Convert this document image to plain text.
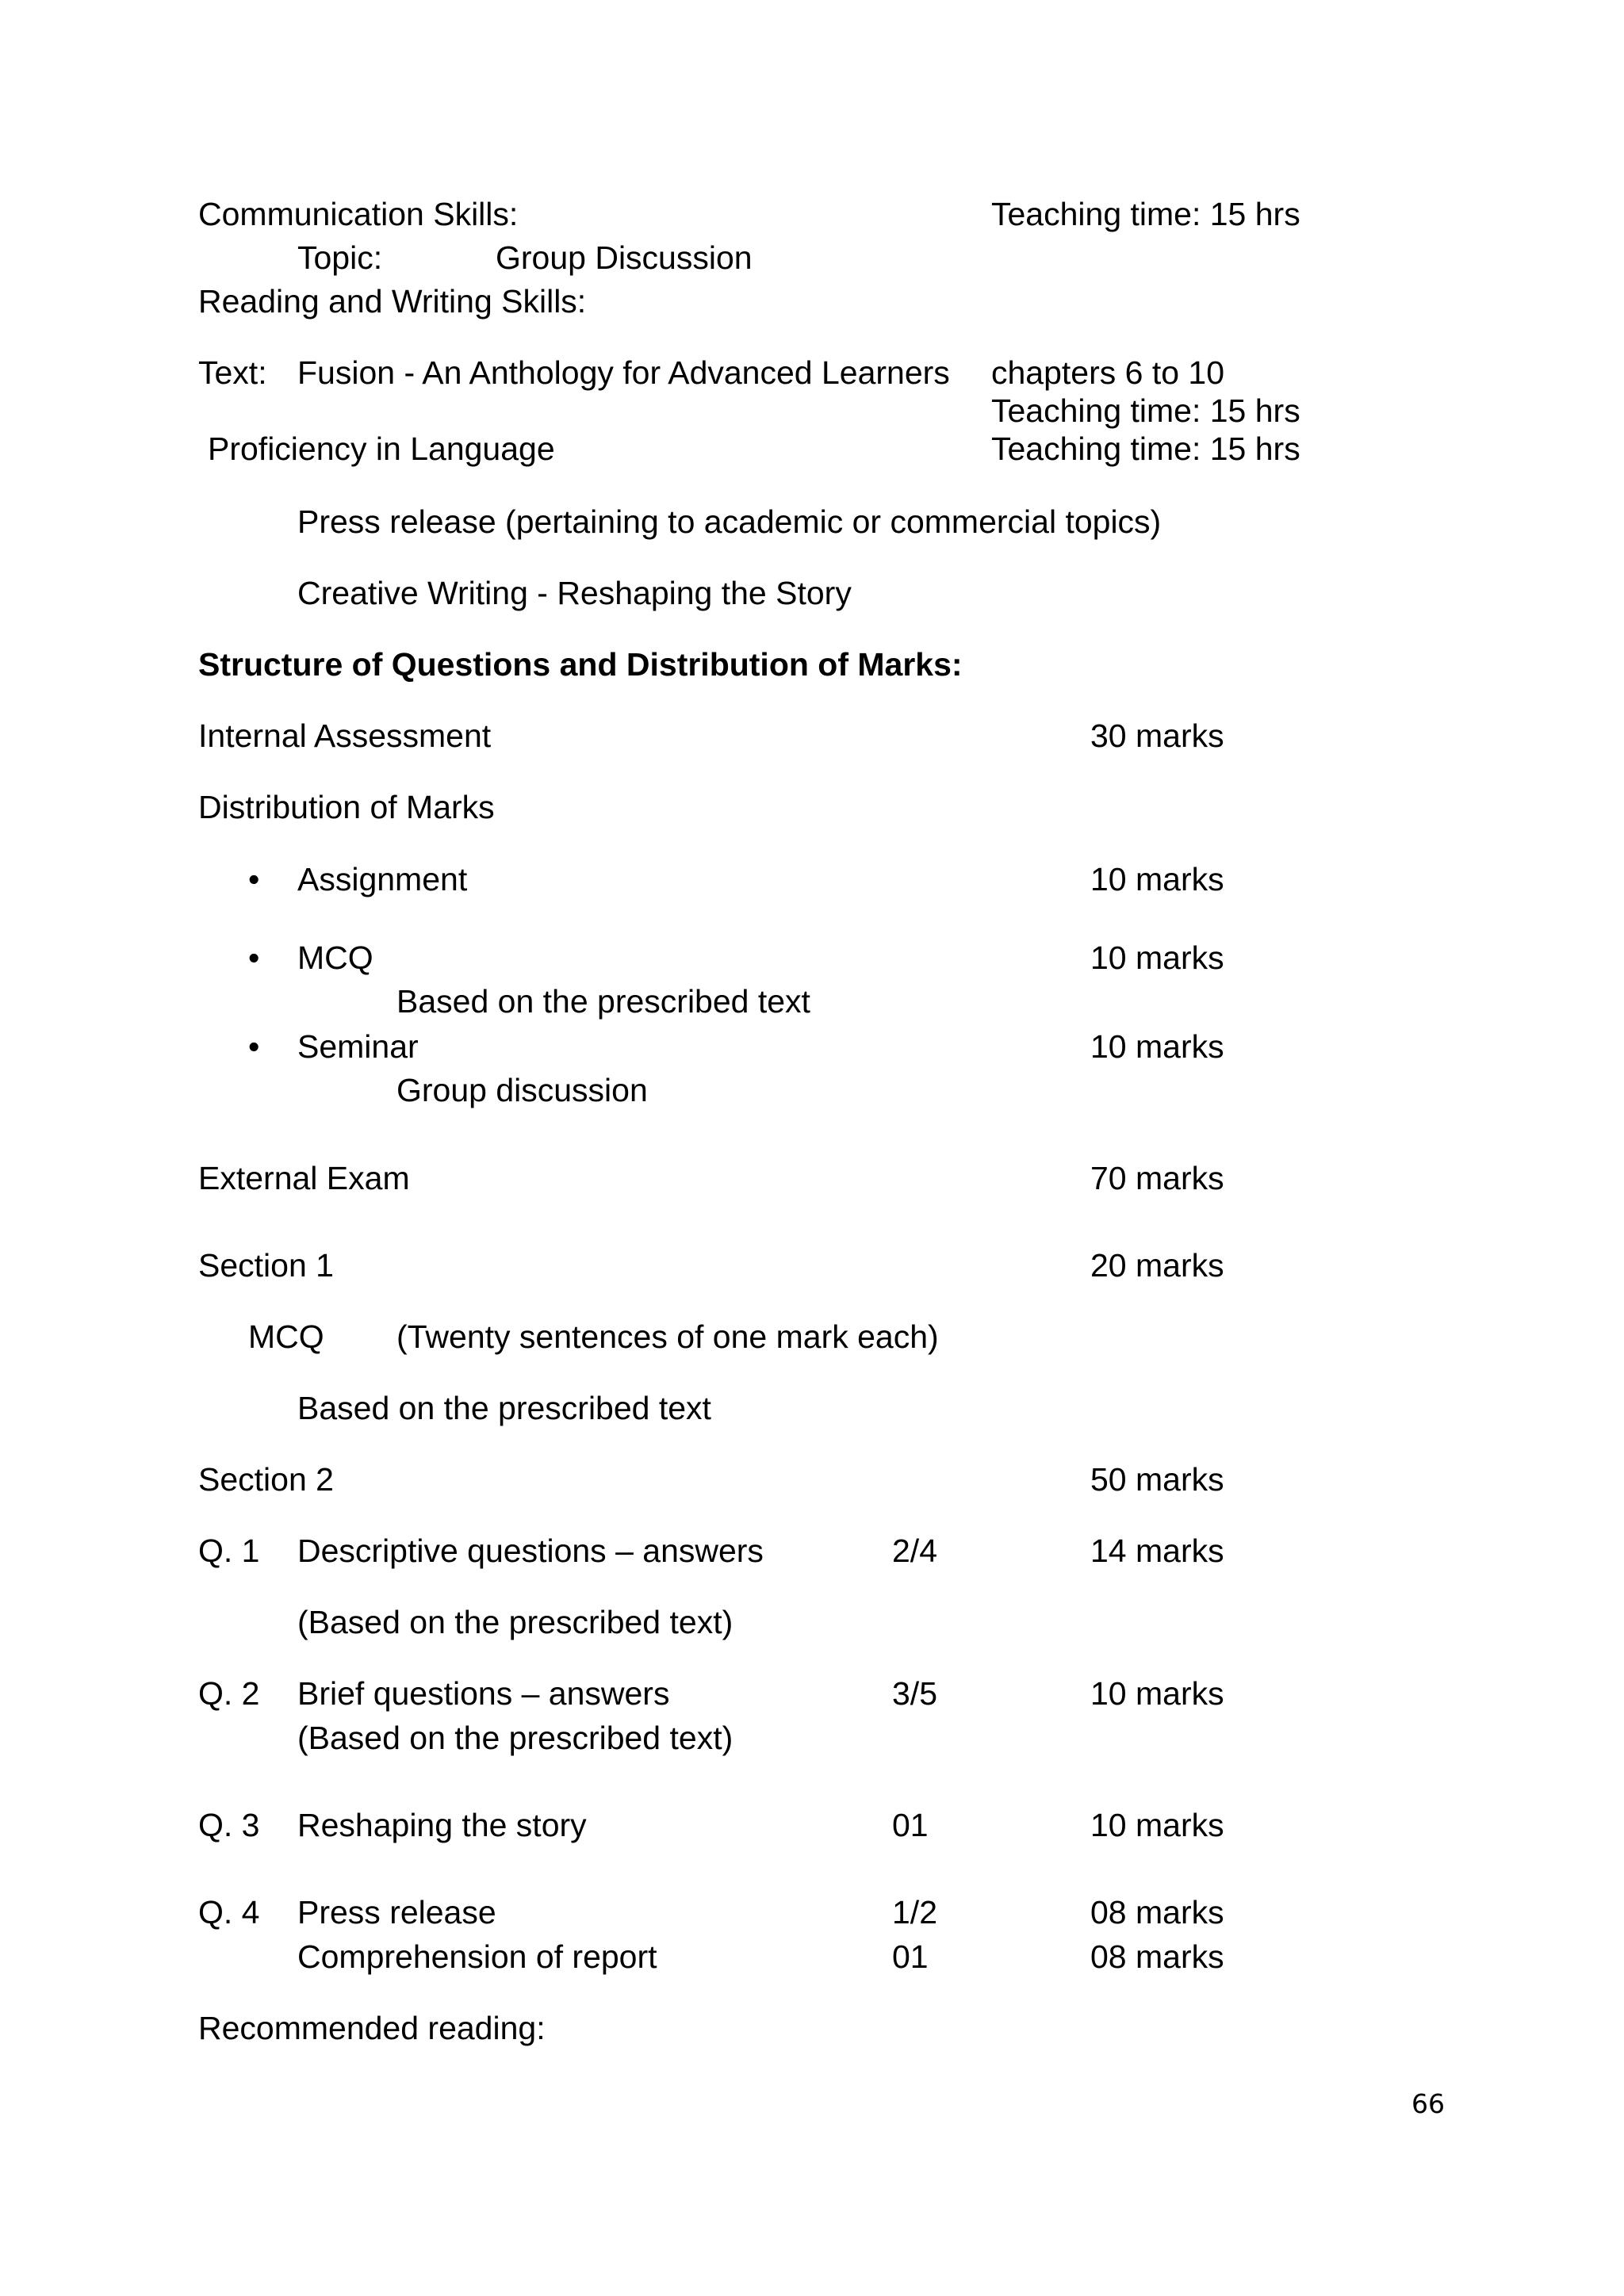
Communication Skills:	Teaching time: 15 hrs
Topic:	Group Discussion
Reading and Writing Skills:
Text: Fusion - An Anthology for Advanced Learners chapters 6 to 10
Teaching time: 15 hrs
Proficiency in Language	Teaching time: 15 hrs
Press release (pertaining to academic or commercial topics)
Creative Writing - Reshaping the Story
Structure of Questions and Distribution of Marks:
Internal Assessment	30 marks
Distribution of Marks
• Assignment	10 marks
• MCQ	10 marks
Based on the prescribed text
• Seminar	10 marks
Group discussion
External Exam	70 marks
Section 1	20 marks
MCQ (Twenty sentences of one mark each)
Based on the prescribed text
Section 2	50 marks
Q. 1 Descriptive questions – answers	2/4	14 marks
(Based on the prescribed text)
Q. 2 Brief questions – answers	3/5	10 marks
(Based on the prescribed text)
Q. 3 Reshaping the story	01	10 marks
Q. 4 Press release	1/2	08 marks
Comprehension of report	01	08 marks
Recommended reading:
66
